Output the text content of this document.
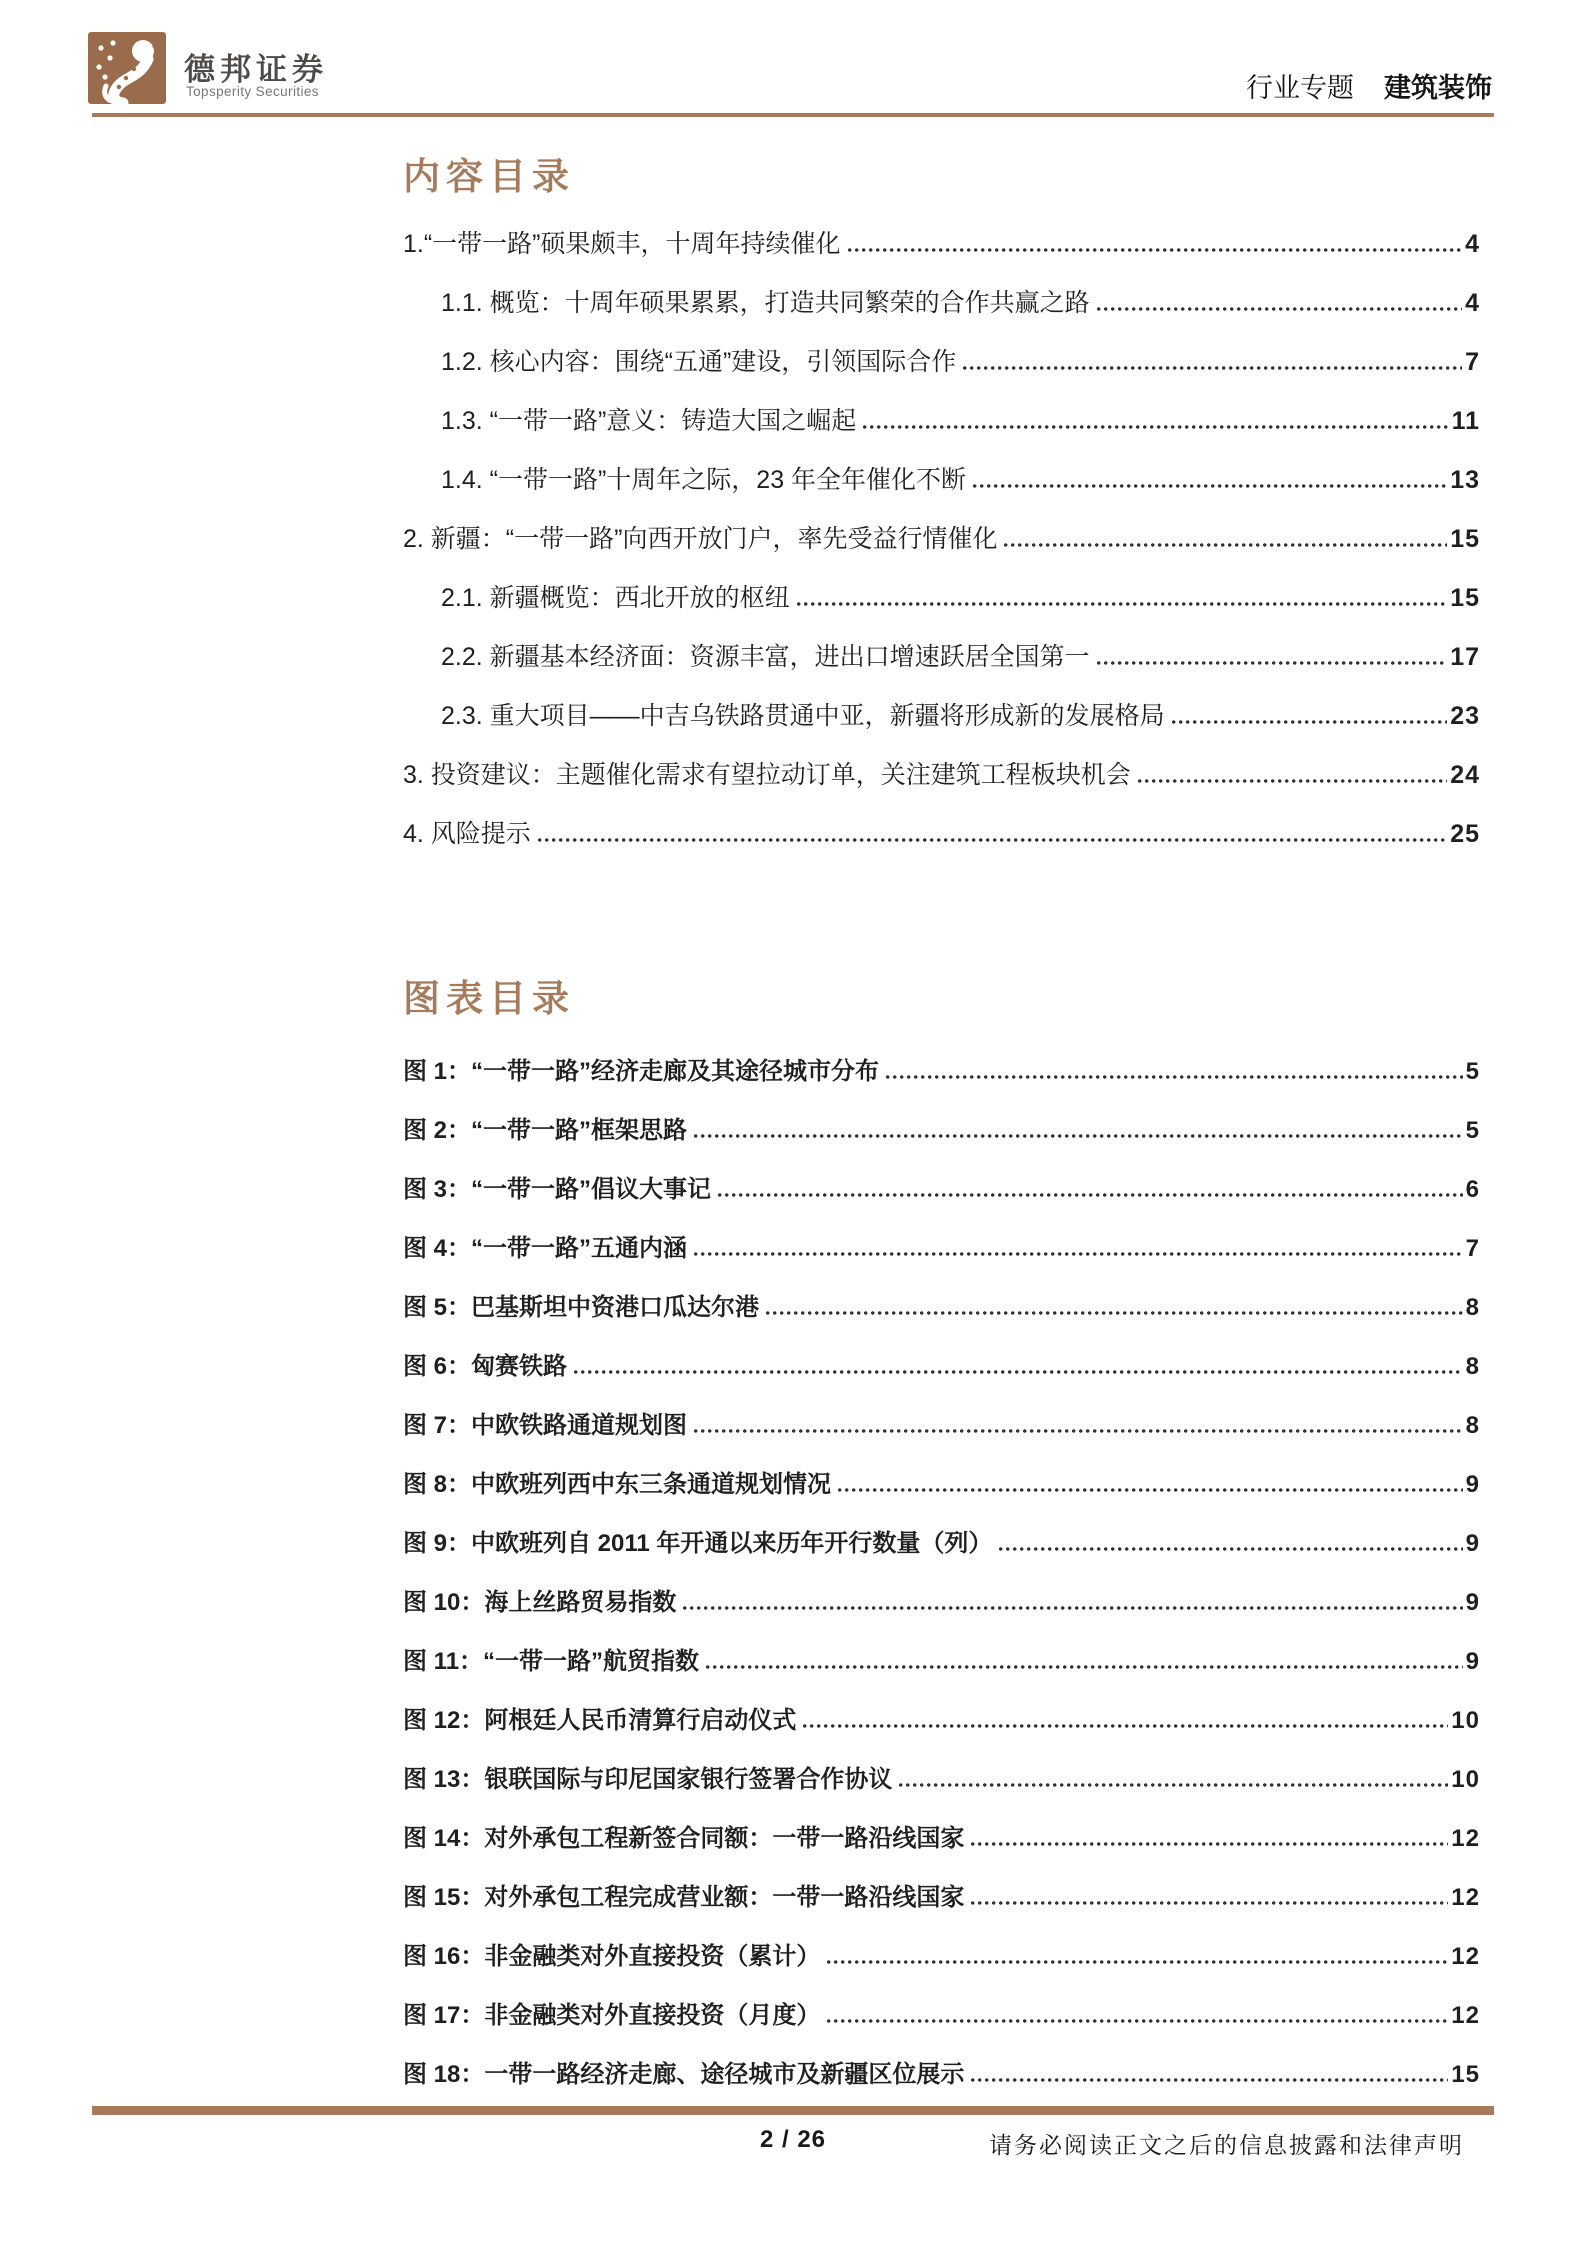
德邦证券
Topsperity Securities	行业专题 建筑装饰
内容目录
1.“一带一路”硕果颇丰，十周年持续催化	4
1.1. 概览：十周年硕果累累，打造共同繁荣的合作共赢之路	4
1.2. 核心内容：围绕“五通”建设，引领国际合作	7
1.3. “一带一路”意义：铸造大国之崛起	11
1.4. “一带一路”十周年之际，23 年全年催化不断	13
2. 新疆：“一带一路”向西开放门户，率先受益行情催化	15
2.1. 新疆概览：西北开放的枢纽	15
2.2. 新疆基本经济面：资源丰富，进出口增速跃居全国第一	17
2.3. 重大项目——中吉乌铁路贯通中亚，新疆将形成新的发展格局	23
3. 投资建议：主题催化需求有望拉动订单，关注建筑工程板块机会	24
4. 风险提示	25
图表目录
图 1：“一带一路”经济走廊及其途径城市分布	5
图 2：“一带一路”框架思路	5
图 3：“一带一路”倡议大事记	6
图 4：“一带一路”五通内涵	7
图 5：巴基斯坦中资港口瓜达尔港	8
图 6：匈赛铁路	8
图 7：中欧铁路通道规划图	8
图 8：中欧班列西中东三条通道规划情况	9
图 9：中欧班列自 2011 年开通以来历年开行数量（列）	9
图 10：海上丝路贸易指数	9
图 11：“一带一路”航贸指数	9
图 12：阿根廷人民币清算行启动仪式	10
图 13：银联国际与印尼国家银行签署合作协议	10
图 14：对外承包工程新签合同额：一带一路沿线国家	12
图 15：对外承包工程完成营业额：一带一路沿线国家	12
图 16：非金融类对外直接投资（累计）	12
图 17：非金融类对外直接投资（月度）	12
图 18：一带一路经济走廊、途径城市及新疆区位展示	15
2 / 26	请务必阅读正文之后的信息披露和法律声明
